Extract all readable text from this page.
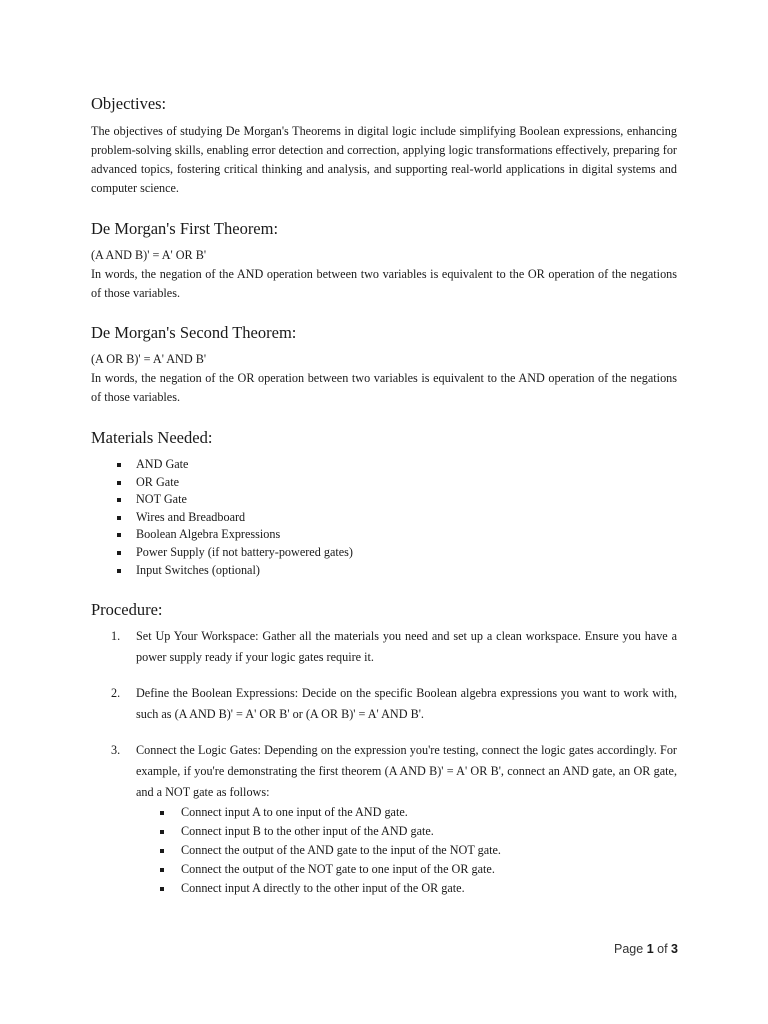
Objectives:

The objectives of studying De Morgan's Theorems in digital logic include simplifying Boolean expressions, enhancing problem-solving skills, enabling error detection and correction, applying logic transformations effectively, preparing for advanced topics, fostering critical thinking and analysis, and supporting real-world applications in digital systems and computer science.

De Morgan's First Theorem:

(A AND B)' = A' OR B'

In words, the negation of the AND operation between two variables is equivalent to the OR operation of the negations of those variables.

De Morgan's Second Theorem:

(A OR B)' = A' AND B'

In words, the negation of the OR operation between two variables is equivalent to the AND operation of the negations of those variables.

Materials Needed:
AND Gate
OR Gate
NOT Gate
Wires and Breadboard
Boolean Algebra Expressions
Power Supply (if not battery-powered gates)
Input Switches (optional)
Procedure:
1. Set Up Your Workspace: Gather all the materials you need and set up a clean workspace. Ensure you have a power supply ready if your logic gates require it.
2. Define the Boolean Expressions: Decide on the specific Boolean algebra expressions you want to work with, such as (A AND B)' = A' OR B' or (A OR B)' = A' AND B'.
3. Connect the Logic Gates: Depending on the expression you're testing, connect the logic gates accordingly. For example, if you're demonstrating the first theorem (A AND B)' = A' OR B', connect an AND gate, an OR gate, and a NOT gate as follows:
Connect input A to one input of the AND gate.
Connect input B to the other input of the AND gate.
Connect the output of the AND gate to the input of the NOT gate.
Connect the output of the NOT gate to one input of the OR gate.
Connect input A directly to the other input of the OR gate.
Page 1 of 3
